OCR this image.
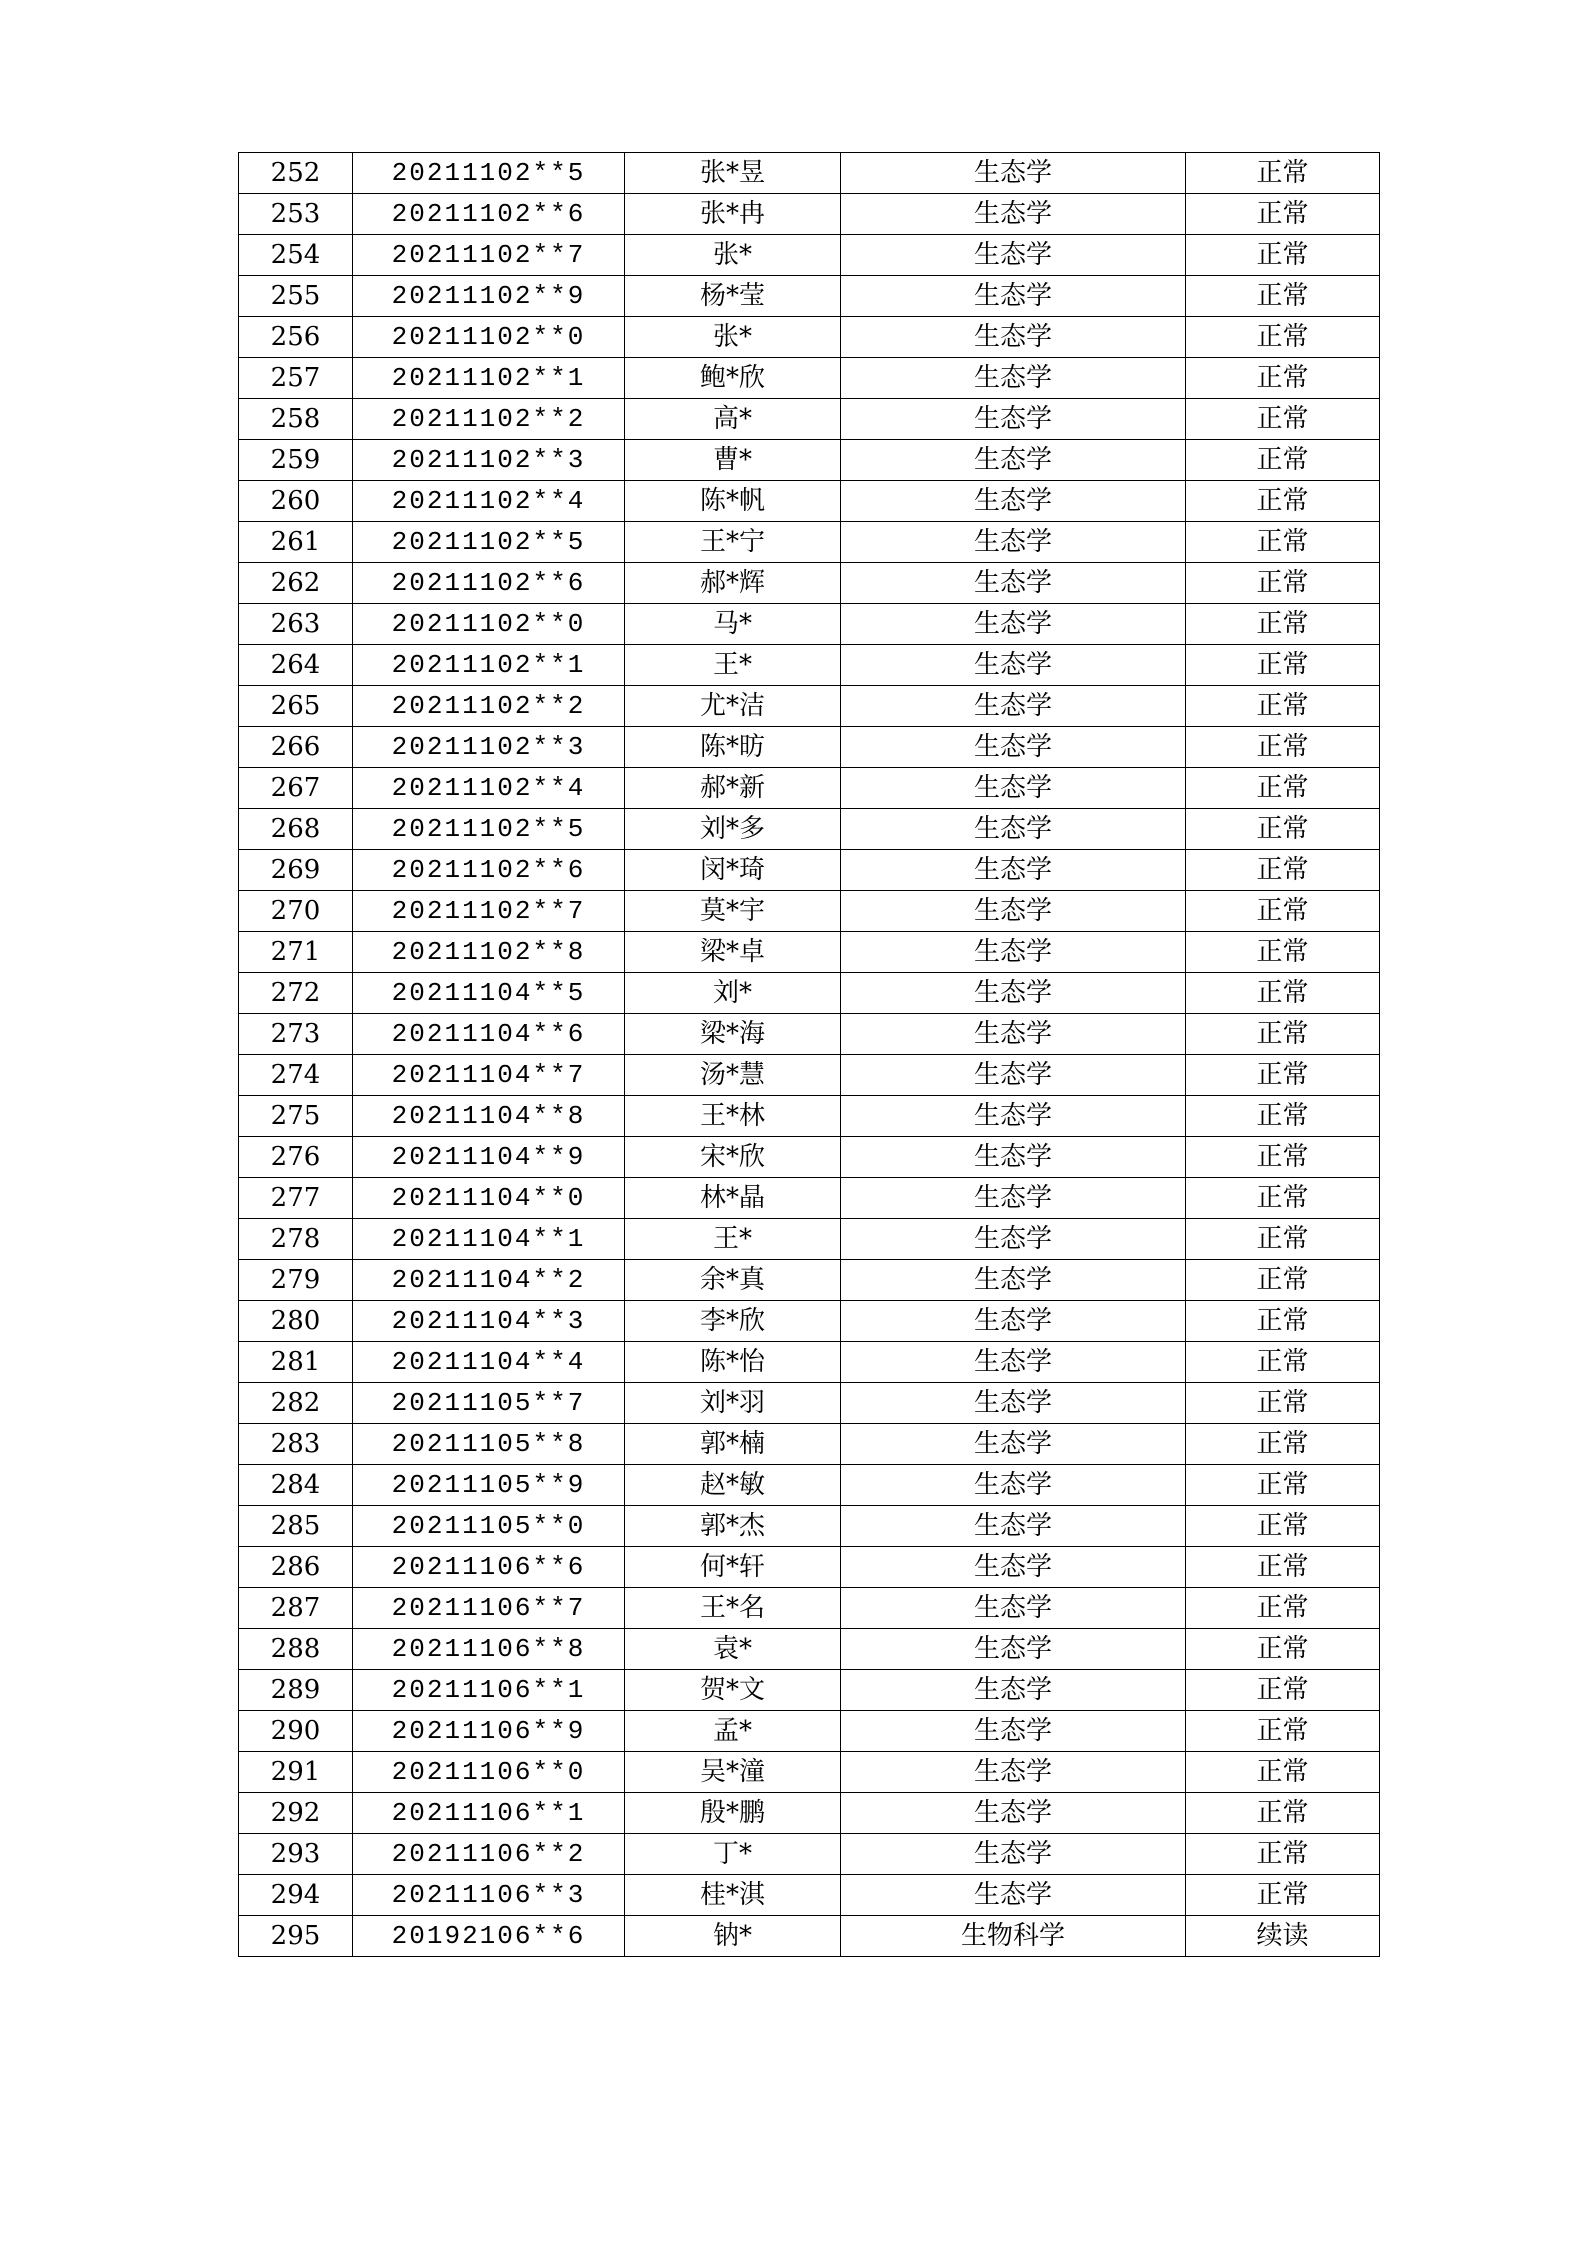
252	20211102**5	张*昱	生态学	正常
253	20211102**6	张*冉	生态学	正常
254	20211102**7	张*	生态学	正常
255	20211102**9	杨*莹	生态学	正常
256	20211102**0	张*	生态学	正常
257	20211102**1	鲍*欣	生态学	正常
258	20211102**2	高*	生态学	正常
259	20211102**3	曹*	生态学	正常
260	20211102**4	陈*帆	生态学	正常
261	20211102**5	王*宁	生态学	正常
262	20211102**6	郝*辉	生态学	正常
263	20211102**0	马*	生态学	正常
264	20211102**1	王*	生态学	正常
265	20211102**2	尤*洁	生态学	正常
266	20211102**3	陈*昉	生态学	正常
267	20211102**4	郝*新	生态学	正常
268	20211102**5	刘*多	生态学	正常
269	20211102**6	闵*琦	生态学	正常
270	20211102**7	莫*宇	生态学	正常
271	20211102**8	梁*卓	生态学	正常
272	20211104**5	刘*	生态学	正常
273	20211104**6	梁*海	生态学	正常
274	20211104**7	汤*慧	生态学	正常
275	20211104**8	王*林	生态学	正常
276	20211104**9	宋*欣	生态学	正常
277	20211104**0	林*晶	生态学	正常
278	20211104**1	王*	生态学	正常
279	20211104**2	余*真	生态学	正常
280	20211104**3	李*欣	生态学	正常
281	20211104**4	陈*怡	生态学	正常
282	20211105**7	刘*羽	生态学	正常
283	20211105**8	郭*楠	生态学	正常
284	20211105**9	赵*敏	生态学	正常
285	20211105**0	郭*杰	生态学	正常
286	20211106**6	何*轩	生态学	正常
287	20211106**7	王*名	生态学	正常
288	20211106**8	袁*	生态学	正常
289	20211106**1	贺*文	生态学	正常
290	20211106**9	孟*	生态学	正常
291	20211106**0	吴*潼	生态学	正常
292	20211106**1	殷*鹏	生态学	正常
293	20211106**2	丁*	生态学	正常
294	20211106**3	桂*淇	生态学	正常
295	20192106**6	钠*	生物科学	续读
